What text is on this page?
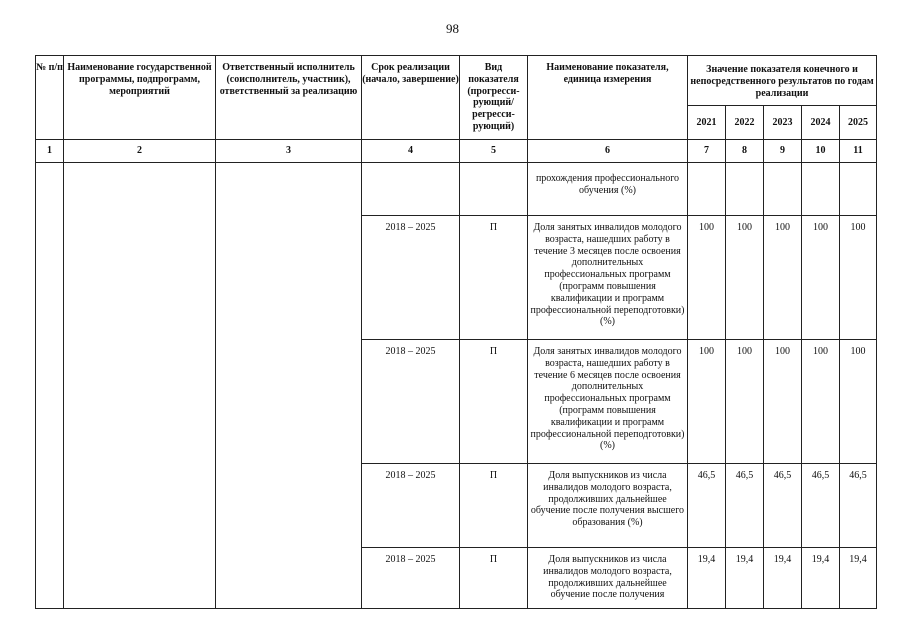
98
№ п/п	Наименование государственной программы, подпрограмм, мероприятий	Ответственный исполнитель (соисполнитель, участник), ответственный за реализацию	Срок реализации (начало, завершение)	Вид показателя (прогресси-рующий/ регресси-рующий)	Наименование показателя, единица измерения	Значение показателя конечного и непосредственного результатов по годам реализации				
						2021	2022	2023	2024	2025
1	2	3	4	5	6	7	8	9	10	11
					прохождения профессионального обучения (%)					
			2018 – 2025	П	Доля занятых инвалидов молодого возраста, нашедших работу в течение 3 месяцев после освоения дополнительных профессиональных программ (программ повышения квалификации и программ профессиональной переподготовки) (%)	100	100	100	100	100
			2018 – 2025	П	Доля занятых инвалидов молодого возраста, нашедших работу в течение 6 месяцев после освоения дополнительных профессиональных программ (программ повышения квалификации и программ профессиональной переподготовки) (%)	100	100	100	100	100
			2018 – 2025	П	Доля выпускников из числа инвалидов молодого возраста, продолживших дальнейшее обучение после получения высшего образования (%)	46,5	46,5	46,5	46,5	46,5
			2018 – 2025	П	Доля выпускников из числа инвалидов молодого возраста, продолживших дальнейшее обучение после получения	19,4	19,4	19,4	19,4	19,4
